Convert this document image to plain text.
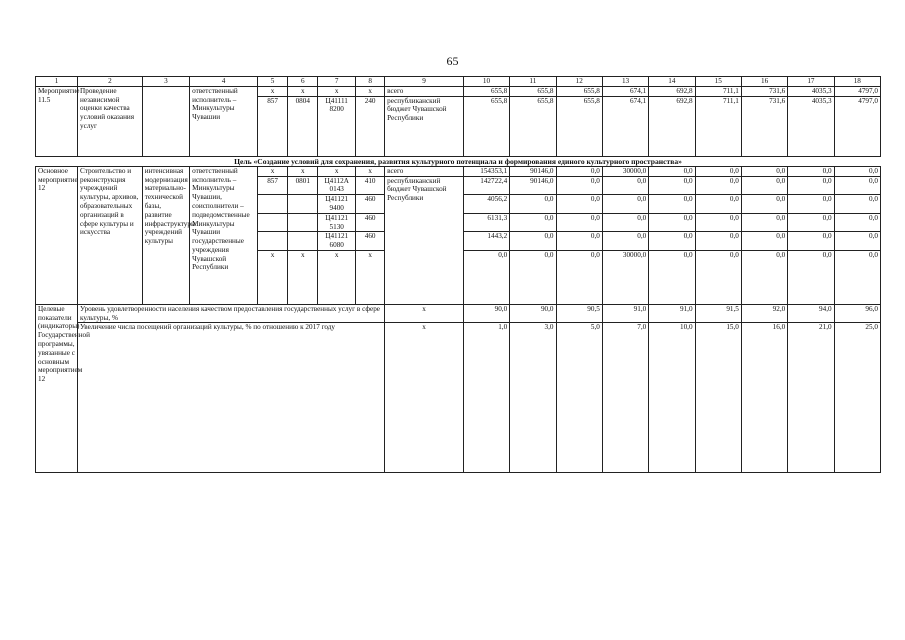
65
1	2	3	4	5	6	7	8	9	10	11	12	13	14	15	16	17	18
Мероприятие 11.5	Проведение независимой оценки качества условий оказания услуг		ответственный исполнитель – Минкультуры Чувашии	x	x	x	x	всего	655,8	655,8	655,8	674,1	692,8	711,1	731,6	4035,3	4797,0
				857	0804	Ц41111 8200	240	республиканский бюджет Чувашской Республики	655,8	655,8	655,8	674,1	692,8	711,1	731,6	4035,3	4797,0
Цель «Создание условий для сохранения, развития культурного потенциала и формирования единого культурного пространства»																	
Основное мероприятие 12	Строительство и реконструкция учреждений культуры, архивов, образовательных организаций в сфере культуры и искусства	интенсивная модернизация материально-технической базы, развитие инфраструктуры учреждений культуры	ответственный исполнитель – Минкультуры Чувашии, соисполнители – подведомственные Минкультуры Чувашии государственные учреждения Чувашской Республики	x	x	x	x	всего	154353,1	90146,0	0,0	30000,0	0,0	0,0	0,0	0,0	0,0
				857	0801	Ц4112А 0143	410	республиканский бюджет Чувашской Республики	142722,4	90146,0	0,0	0,0	0,0	0,0	0,0	0,0	0,0
						Ц41121 9400	460		4056,2	0,0	0,0	0,0	0,0	0,0	0,0	0,0	0,0
						Ц41121 5130	460		6131,3	0,0	0,0	0,0	0,0	0,0	0,0	0,0	0,0
						Ц41121 6080	460		1443,2	0,0	0,0	0,0	0,0	0,0	0,0	0,0	0,0
				x	x	x	x		0,0	0,0	0,0	30000,0	0,0	0,0	0,0	0,0	0,0
Целевые показатели (индикаторы) Государственной программы, увязанные с основным мероприятием 12	Уровень удовлетворенности населения качеством предоставления государственных услуг в сфере культуры, %							x	90,0	90,0	90,5	91,0	91,0	91,5	92,0	94,0	96,0
	Увеличение числа посещений организаций культуры, % по отношению к 2017 году							x	1,0	3,0	5,0	7,0	10,0	15,0	16,0	21,0	25,0
